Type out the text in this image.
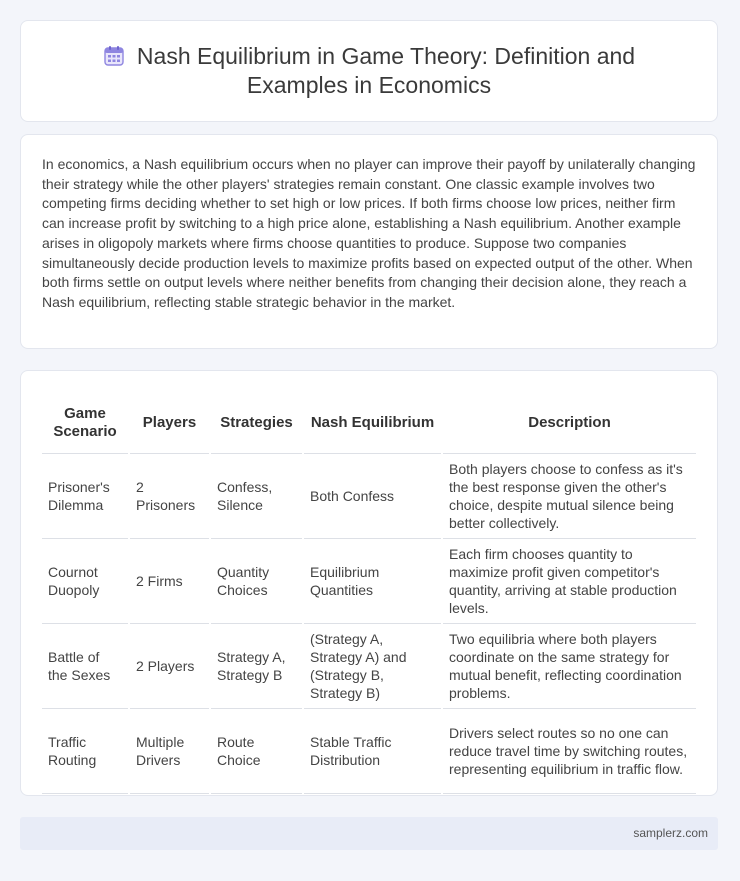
Nash Equilibrium in Game Theory: Definition and Examples in Economics

In economics, a Nash equilibrium occurs when no player can improve their payoff by unilaterally changing their strategy while the other players' strategies remain constant. One classic example involves two competing firms deciding whether to set high or low prices. If both firms choose low prices, neither firm can increase profit by switching to a high price alone, establishing a Nash equilibrium. Another example arises in oligopoly markets where firms choose quantities to produce. Suppose two companies simultaneously decide production levels to maximize profits based on expected output of the other. When both firms settle on output levels where neither benefits from changing their decision alone, they reach a Nash equilibrium, reflecting stable strategic behavior in the market.

Game Scenario	Players	Strategies	Nash Equilibrium	Description
Prisoner's Dilemma	2 Prisoners	Confess, Silence	Both Confess	Both players choose to confess as it's the best response given the other's choice, despite mutual silence being better collectively.
Cournot Duopoly	2 Firms	Quantity Choices	Equilibrium Quantities	Each firm chooses quantity to maximize profit given competitor's quantity, arriving at stable production levels.
Battle of the Sexes	2 Players	Strategy A, Strategy B	(Strategy A, Strategy A) and (Strategy B, Strategy B)	Two equilibria where both players coordinate on the same strategy for mutual benefit, reflecting coordination problems.
Traffic Routing	Multiple Drivers	Route Choice	Stable Traffic Distribution	Drivers select routes so no one can reduce travel time by switching routes, representing equilibrium in traffic flow.
samplerz.com
